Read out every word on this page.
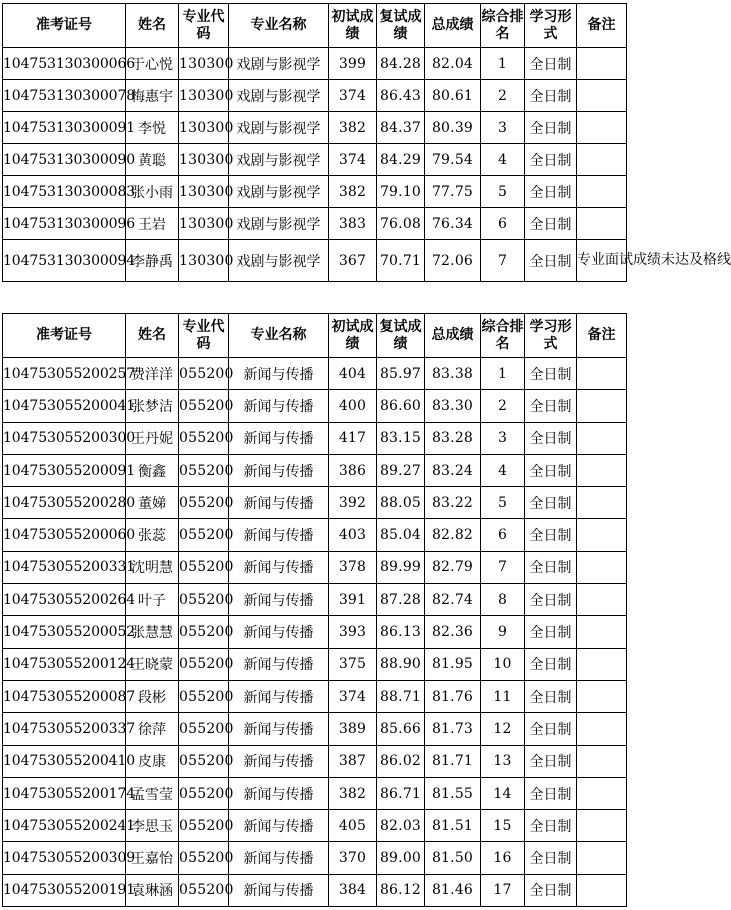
准考证号	姓名	专业代码	专业名称	初试成绩	复试成绩	总成绩	综合排名	学习形式	备注
104753130300066	于心悦	130300	戏剧与影视学	399	84.28	82.04	1	全日制	
104753130300078	梅惠宇	130300	戏剧与影视学	374	86.43	80.61	2	全日制	
104753130300091	李悦	130300	戏剧与影视学	382	84.37	80.39	3	全日制	
104753130300090	黄聪	130300	戏剧与影视学	374	84.29	79.54	4	全日制	
104753130300083	张小雨	130300	戏剧与影视学	382	79.10	77.75	5	全日制	
104753130300096	王岩	130300	戏剧与影视学	383	76.08	76.34	6	全日制	
104753130300094	李静禹	130300	戏剧与影视学	367	70.71	72.06	7	全日制	专业面试成绩未达及格线
准考证号	姓名	专业代码	专业名称	初试成绩	复试成绩	总成绩	综合排名	学习形式	备注
104753055200257	费洋洋	055200	新闻与传播	404	85.97	83.38	1	全日制	
104753055200041	张梦洁	055200	新闻与传播	400	86.60	83.30	2	全日制	
104753055200300	王丹妮	055200	新闻与传播	417	83.15	83.28	3	全日制	
104753055200091	衡鑫	055200	新闻与传播	386	89.27	83.24	4	全日制	
104753055200280	董娣	055200	新闻与传播	392	88.05	83.22	5	全日制	
104753055200060	张蕊	055200	新闻与传播	403	85.04	82.82	6	全日制	
104753055200331	沈明慧	055200	新闻与传播	378	89.99	82.79	7	全日制	
104753055200264	叶子	055200	新闻与传播	391	87.28	82.74	8	全日制	
104753055200052	张慧慧	055200	新闻与传播	393	86.13	82.36	9	全日制	
104753055200124	王晓蒙	055200	新闻与传播	375	88.90	81.95	10	全日制	
104753055200087	段彬	055200	新闻与传播	374	88.71	81.76	11	全日制	
104753055200337	徐萍	055200	新闻与传播	389	85.66	81.73	12	全日制	
104753055200410	皮康	055200	新闻与传播	387	86.02	81.71	13	全日制	
104753055200174	孟雪莹	055200	新闻与传播	382	86.71	81.55	14	全日制	
104753055200241	李思玉	055200	新闻与传播	405	82.03	81.51	15	全日制	
104753055200309	王嘉怡	055200	新闻与传播	370	89.00	81.50	16	全日制	
104753055200191	袁琳涵	055200	新闻与传播	384	86.12	81.46	17	全日制	
